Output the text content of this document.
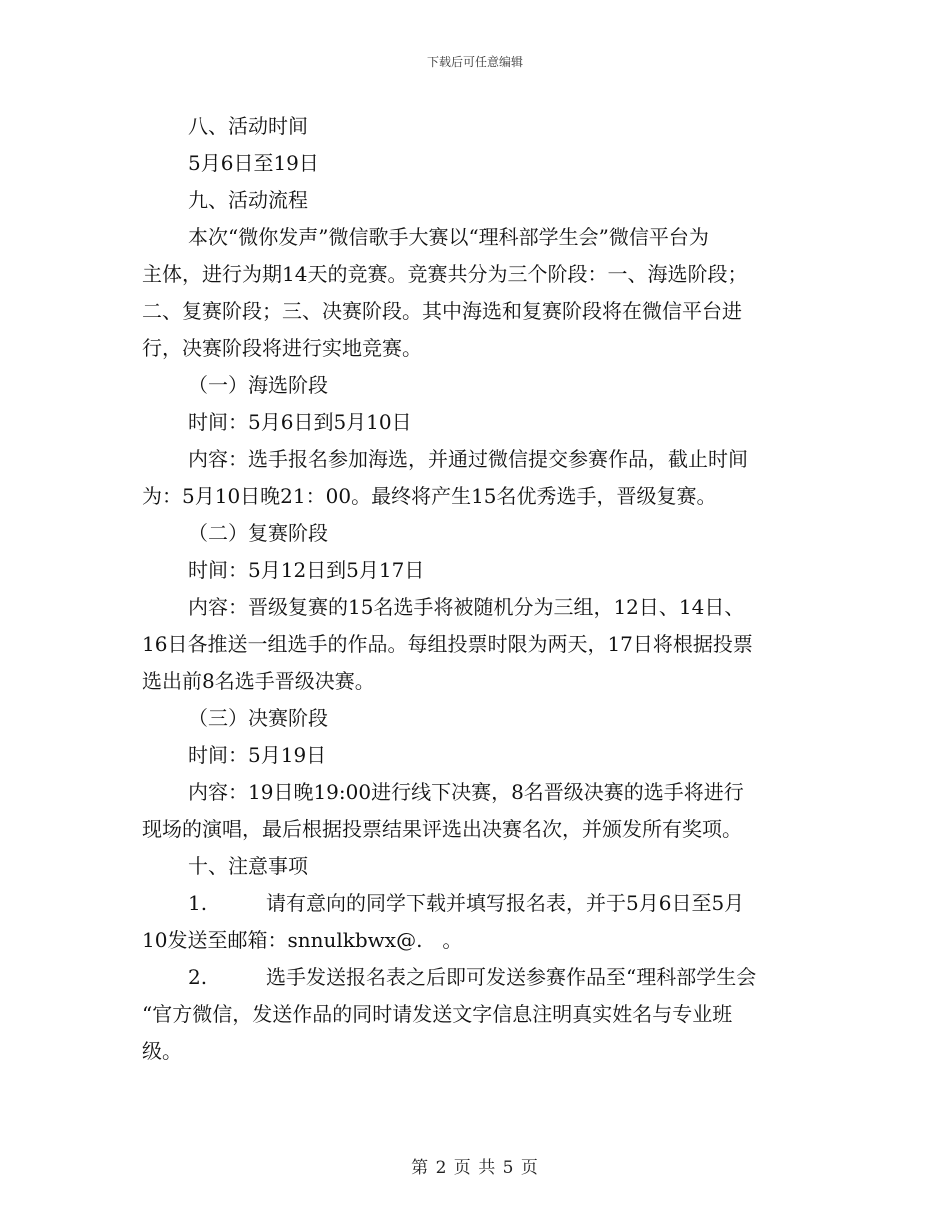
下载后可任意编辑

八、活动时间

5月6日至19日

九、活动流程

本次“微你发声”微信歌手大赛以“理科部学生会”微信平台为

主体，进行为期14天的竞赛。竞赛共分为三个阶段：一、海选阶段；

二、复赛阶段；三、决赛阶段。其中海选和复赛阶段将在微信平台进

行，决赛阶段将进行实地竞赛。

（一）海选阶段

时间：5月6日到5月10日

内容：选手报名参加海选，并通过微信提交参赛作品，截止时间

为：5月10日晚21：00。最终将产生15名优秀选手，晋级复赛。

（二）复赛阶段

时间：5月12日到5月17日

内容：晋级复赛的15名选手将被随机分为三组，12日、14日、

16日各推送一组选手的作品。每组投票时限为两天，17日将根据投票

选出前8名选手晋级决赛。

（三）决赛阶段

时间：5月19日

内容：19日晚19:00进行线下决赛，8名晋级决赛的选手将进行

现场的演唱，最后根据投票结果评选出决赛名次，并颁发所有奖项。

十、注意事项

1.	请有意向的同学下载并填写报名表，并于5月6日至5月

10发送至邮箱：snnulkbwx@.　。

2.	选手发送报名表之后即可发送参赛作品至“理科部学生会

“官方微信，发送作品的同时请发送文字信息注明真实姓名与专业班

级。

第 2 页 共 5 页
